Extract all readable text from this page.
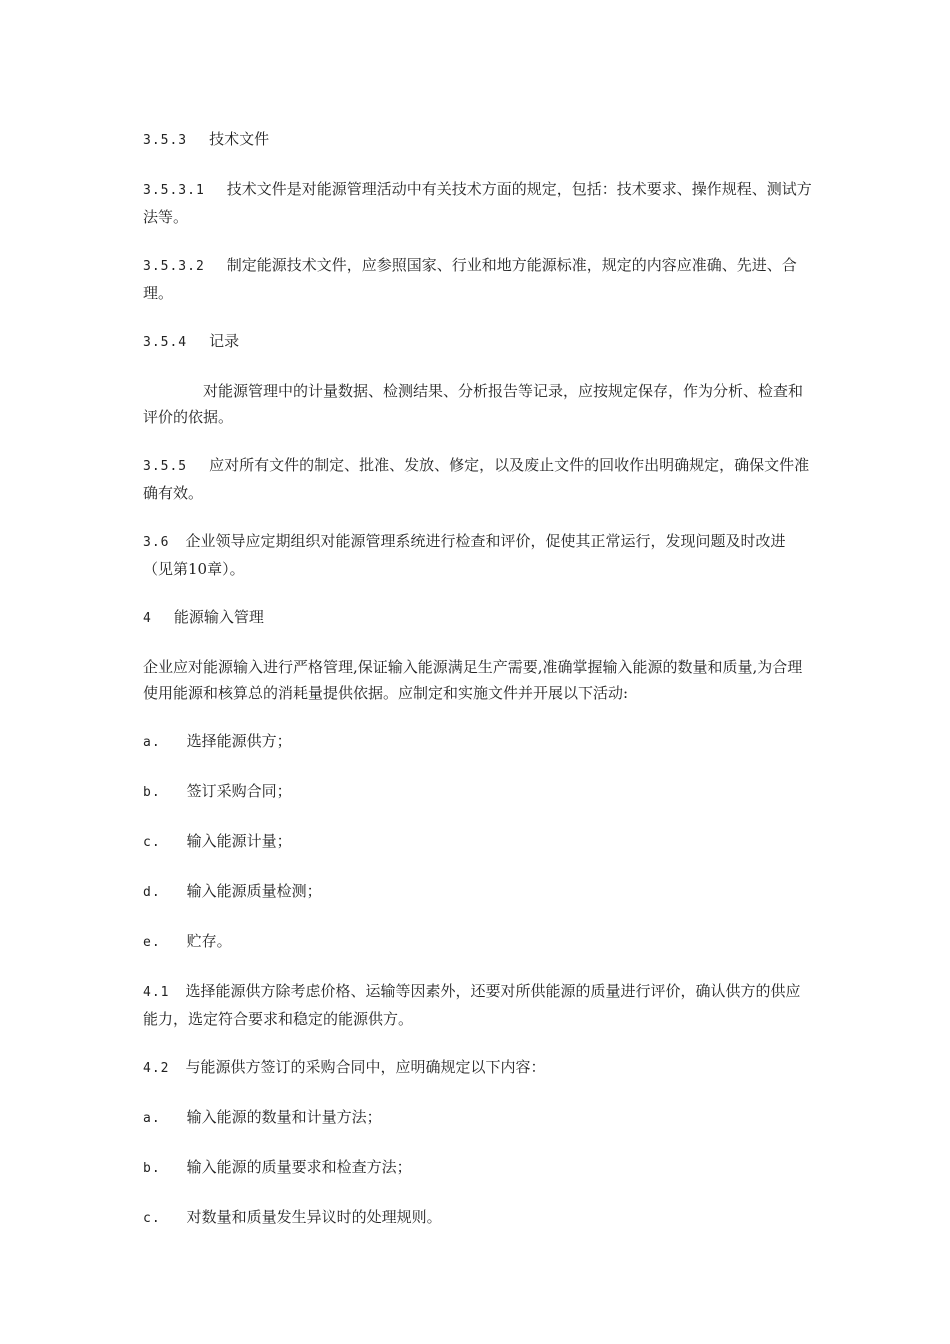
3.5.3 技术文件

3.5.3.1 技术文件是对能源管理活动中有关技术方面的规定，包括：技术要求、操作规程、测试方法等。

3.5.3.2 制定能源技术文件，应参照国家、行业和地方能源标准，规定的内容应准确、先进、合理。

3.5.4 记录

对能源管理中的计量数据、检测结果、分析报告等记录，应按规定保存，作为分析、检查和评价的依据。

3.5.5 应对所有文件的制定、批准、发放、修定，以及废止文件的回收作出明确规定，确保文件准确有效。

3.6 企业领导应定期组织对能源管理系统进行检查和评价，促使其正常运行，发现问题及时改进（见第10章）。

4 能源输入管理

企业应对能源输入进行严格管理,保证输入能源满足生产需要,准确掌握输入能源的数量和质量,为合理使用能源和核算总的消耗量提供依据。应制定和实施文件并开展以下活动:

a. 选择能源供方；

b. 签订采购合同；

c. 输入能源计量；

d. 输入能源质量检测；

e. 贮存。

4.1 选择能源供方除考虑价格、运输等因素外，还要对所供能源的质量进行评价，确认供方的供应能力，选定符合要求和稳定的能源供方。

4.2 与能源供方签订的采购合同中，应明确规定以下内容：

a. 输入能源的数量和计量方法；

b. 输入能源的质量要求和检查方法；

c. 对数量和质量发生异议时的处理规则。
